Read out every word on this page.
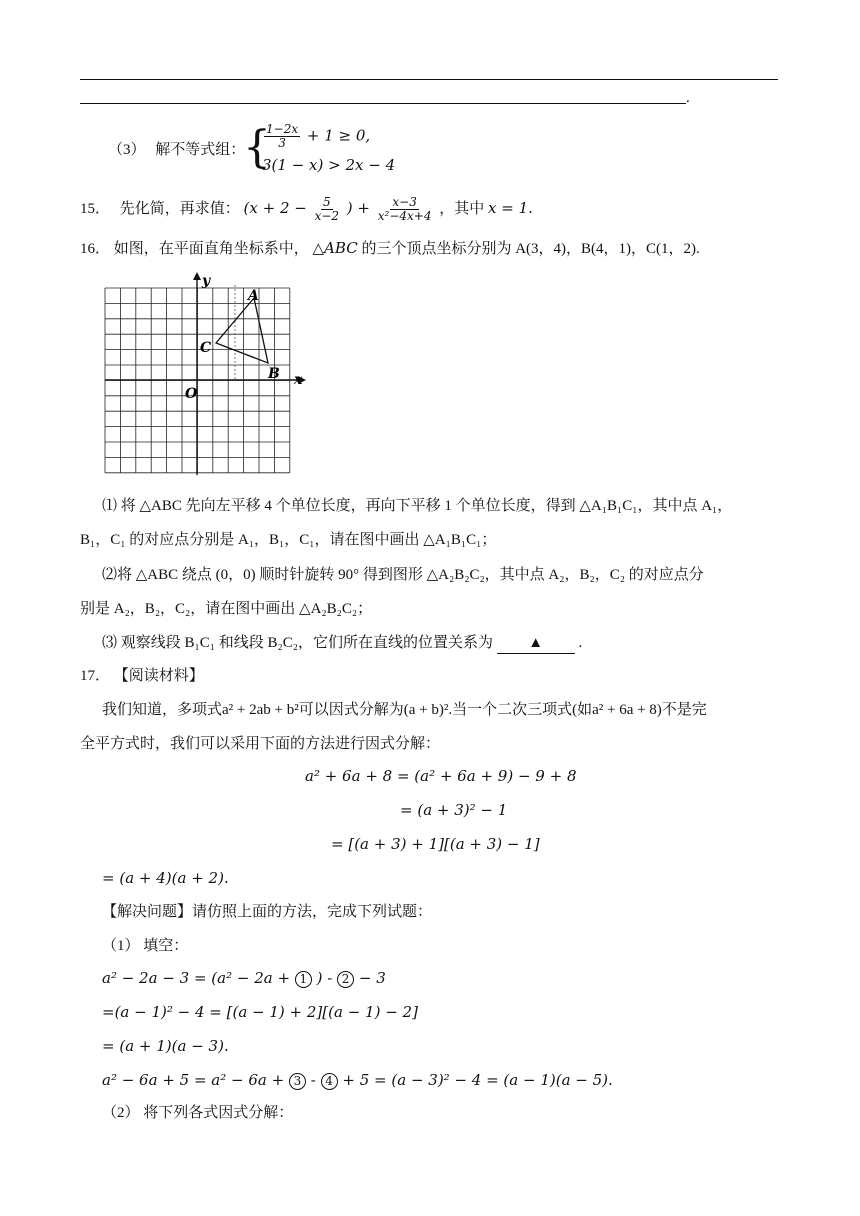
.
（3） 解不等式组：
{
$\frac{1-2x}{3} + 1 \ge 0$,
3(1 − x) > 2x − 4
15． 先化简，再求值： ($x + 2 - \frac{5}{x-2}$ ) + $\frac{x-3}{\text{x²−4x+4}}$ ，其中 x = 1.
16． 如图，在平面直角坐标系中， △ABC 的三个顶点坐标分别为 A(3，4)，B(4，1)，C(1，2).
y
x
O
A
B
C
⑴ 将 △ABC 先向左平移 4 个单位长度，再向下平移 1 个单位长度，得到 △A₁B₁C₁，其中点 A₁，
B₁，C₁ 的对应点分别是 A₁，B₁，C₁，请在图中画出 △A₁B₁C₁；
⑵将 △ABC 绕点 (0，0) 顺时针旋转 90° 得到图形 △A₂B₂C₂，其中点 A₂，B₂，C₂ 的对应点分
别是 A₂，B₂，C₂，请在图中画出 △A₂B₂C₂；
⑶ 观察线段 B₁C₁ 和线段 B₂C₂，它们所在直线的位置关系为 ▲ .
17． 【阅读材料】
我们知道，多项式a² + 2ab + b²可以因式分解为(a + b)².当一个二次三项式(如a² + 6a + 8)不是完
全平方式时，我们可以采用下面的方法进行因式分解：
a² + 6a + 8 = (a² + 6a + 9) − 9 + 8
= (a + 3)² − 1
= [(a + 3) + 1][(a + 3) − 1]
= (a + 4)(a + 2).
【解决问题】请仿照上面的方法，完成下列试题：
（1） 填空：
a² − 2a − 3 = (a² − 2a + 1 ) - 2 − 3
=(a − 1)² − 4 = [(a − 1) + 2][(a − 1) − 2]
= (a + 1)(a − 3).
a² − 6a + 5 = a² − 6a + 3 - 4 + 5 = (a − 3)² − 4 = (a − 1)(a − 5).
（2） 将下列各式因式分解：
